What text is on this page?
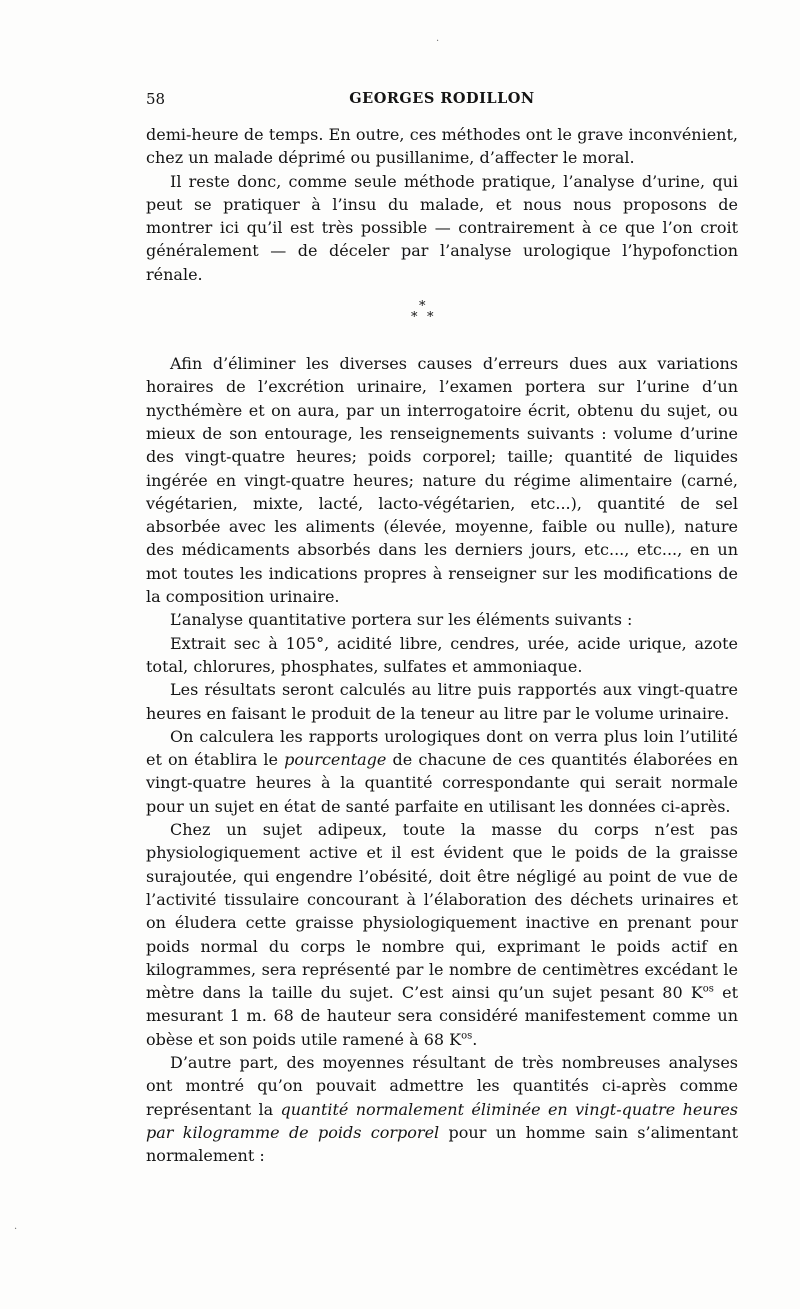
58	GEORGES RODILLON

demi-heure de temps. En outre, ces méthodes ont le grave inconvénient, chez un malade déprimé ou pusillanime, d’affecter le moral.

Il reste donc, comme seule méthode pratique, l’analyse d’urine, qui peut se pratiquer à l’insu du malade, et nous nous proposons de montrer ici qu’il est très possible — contrairement à ce que l’on croit généralement — de déceler par l’analyse urologique l’hypofonction rénale.

*
* *

Afin d’éliminer les diverses causes d’erreurs dues aux variations horaires de l’excrétion urinaire, l’examen portera sur l’urine d’un nycthémère et on aura, par un interrogatoire écrit, obtenu du sujet, ou mieux de son entourage, les renseignements suivants : volume d’urine des vingt-quatre heures; poids corporel; taille; quantité de liquides ingérée en vingt-quatre heures; nature du régime alimentaire (carné, végétarien, mixte, lacté, lacto-végétarien, etc...), quantité de sel absorbée avec les aliments (élevée, moyenne, faible ou nulle), nature des médicaments absorbés dans les derniers jours, etc..., etc..., en un mot toutes les indications propres à renseigner sur les modifications de la composition urinaire.

L’analyse quantitative portera sur les éléments suivants :

Extrait sec à 105°, acidité libre, cendres, urée, acide urique, azote total, chlorures, phosphates, sulfates et ammoniaque.

Les résultats seront calculés au litre puis rapportés aux vingt-quatre heures en faisant le produit de la teneur au litre par le volume urinaire.

On calculera les rapports urologiques dont on verra plus loin l’utilité et on établira le pourcentage de chacune de ces quantités élaborées en vingt-quatre heures à la quantité correspondante qui serait normale pour un sujet en état de santé parfaite en utilisant les données ci-après.

Chez un sujet adipeux, toute la masse du corps n’est pas physiologiquement active et il est évident que le poids de la graisse surajoutée, qui engendre l’obésité, doit être négligé au point de vue de l’activité tissulaire concourant à l’élaboration des déchets urinaires et on éludera cette graisse physiologiquement inactive en prenant pour poids normal du corps le nombre qui, exprimant le poids actif en kilogrammes, sera représenté par le nombre de centimètres excédant le mètre dans la taille du sujet. C’est ainsi qu’un sujet pesant 80 $K^{os}$ et mesurant 1 m. 68 de hauteur sera considéré manifestement comme un obèse et son poids utile ramené à 68 $K^{os}$.

D’autre part, des moyennes résultant de très nombreuses analyses ont montré qu’on pouvait admettre les quantités ci-après comme représentant la quantité normalement éliminée en vingt-quatre heures par kilogramme de poids corporel pour un homme sain s’alimentant normalement :

·
·
